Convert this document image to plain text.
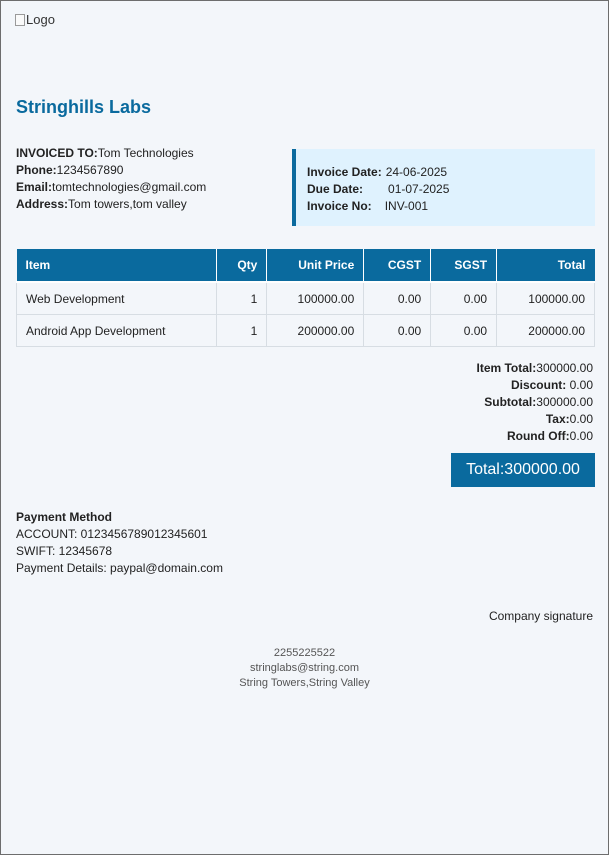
Logo
Stringhills Labs
INVOICED TO:Tom Technologies
Phone:1234567890
Email:tomtechnologies@gmail.com
Address:Tom towers,tom valley
Invoice Date: 24-06-2025
Due Date: 01-07-2025
Invoice No: INV-001
Item	Qty	Unit Price	CGST	SGST	Total
Web Development	1	100000.00	0.00	0.00	100000.00
Android App Development	1	200000.00	0.00	0.00	200000.00
Item Total:300000.00
Discount: 0.00
Subtotal:300000.00
Tax:0.00
Round Off:0.00
Total:300000.00
Payment Method
ACCOUNT: 0123456789012345601
SWIFT: 12345678
Payment Details: paypal@domain.com
Company signature
2255225522
stringlabs@string.com
String Towers,String Valley
